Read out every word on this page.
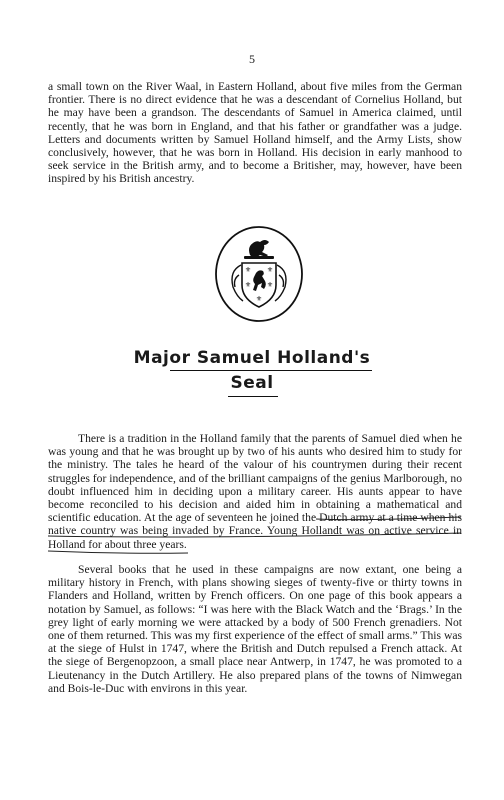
5

a small town on the River Waal, in Eastern Holland, about five miles from the German frontier. There is no direct evidence that he was a descendant of Cornelius Holland, but he may have been a grandson. The descendants of Samuel in America claimed, until recently, that he was born in England, and that his father or grandfather was a judge. Letters and documents written by Samuel Holland himself, and the Army Lists, show conclusively, however, that he was born in Holland. His decision in early manhood to seek service in the British army, and to become a Britisher, may, however, have been inspired by his British ancestry.

⚜ ⚜
⚜ ⚜
⚜
Major Samuel Holland's
Seal

There is a tradition in the Holland family that the parents of Samuel died when he was young and that he was brought up by two of his aunts who desired him to study for the ministry. The tales he heard of the valour of his countrymen during their recent struggles for independence, and of the brilliant campaigns of the genius Marlborough, no doubt influenced him in deciding upon a military career. His aunts appear to have become reconciled to his decision and aided him in obtaining a mathematical and scientific education. At the age of seventeen he joined the Dutch army at a time when his native country was being invaded by France. Young Hollandt was on active service in Holland for about three years.

Several books that he used in these campaigns are now extant, one being a military history in French, with plans showing sieges of twenty-five or thirty towns in Flanders and Holland, written by French officers. On one page of this book appears a notation by Samuel, as follows: “I was here with the Black Watch and the ‘Brags.’ In the grey light of early morning we were attacked by a body of 500 French grenadiers. Not one of them returned. This was my first experience of the effect of small arms.” This was at the siege of Hulst in 1747, where the British and Dutch repulsed a French attack. At the siege of Bergenopzoon, a small place near Antwerp, in 1747, he was promoted to a Lieutenancy in the Dutch Artillery. He also prepared plans of the towns of Nimwegan and Bois-le-Duc with environs in this year.
